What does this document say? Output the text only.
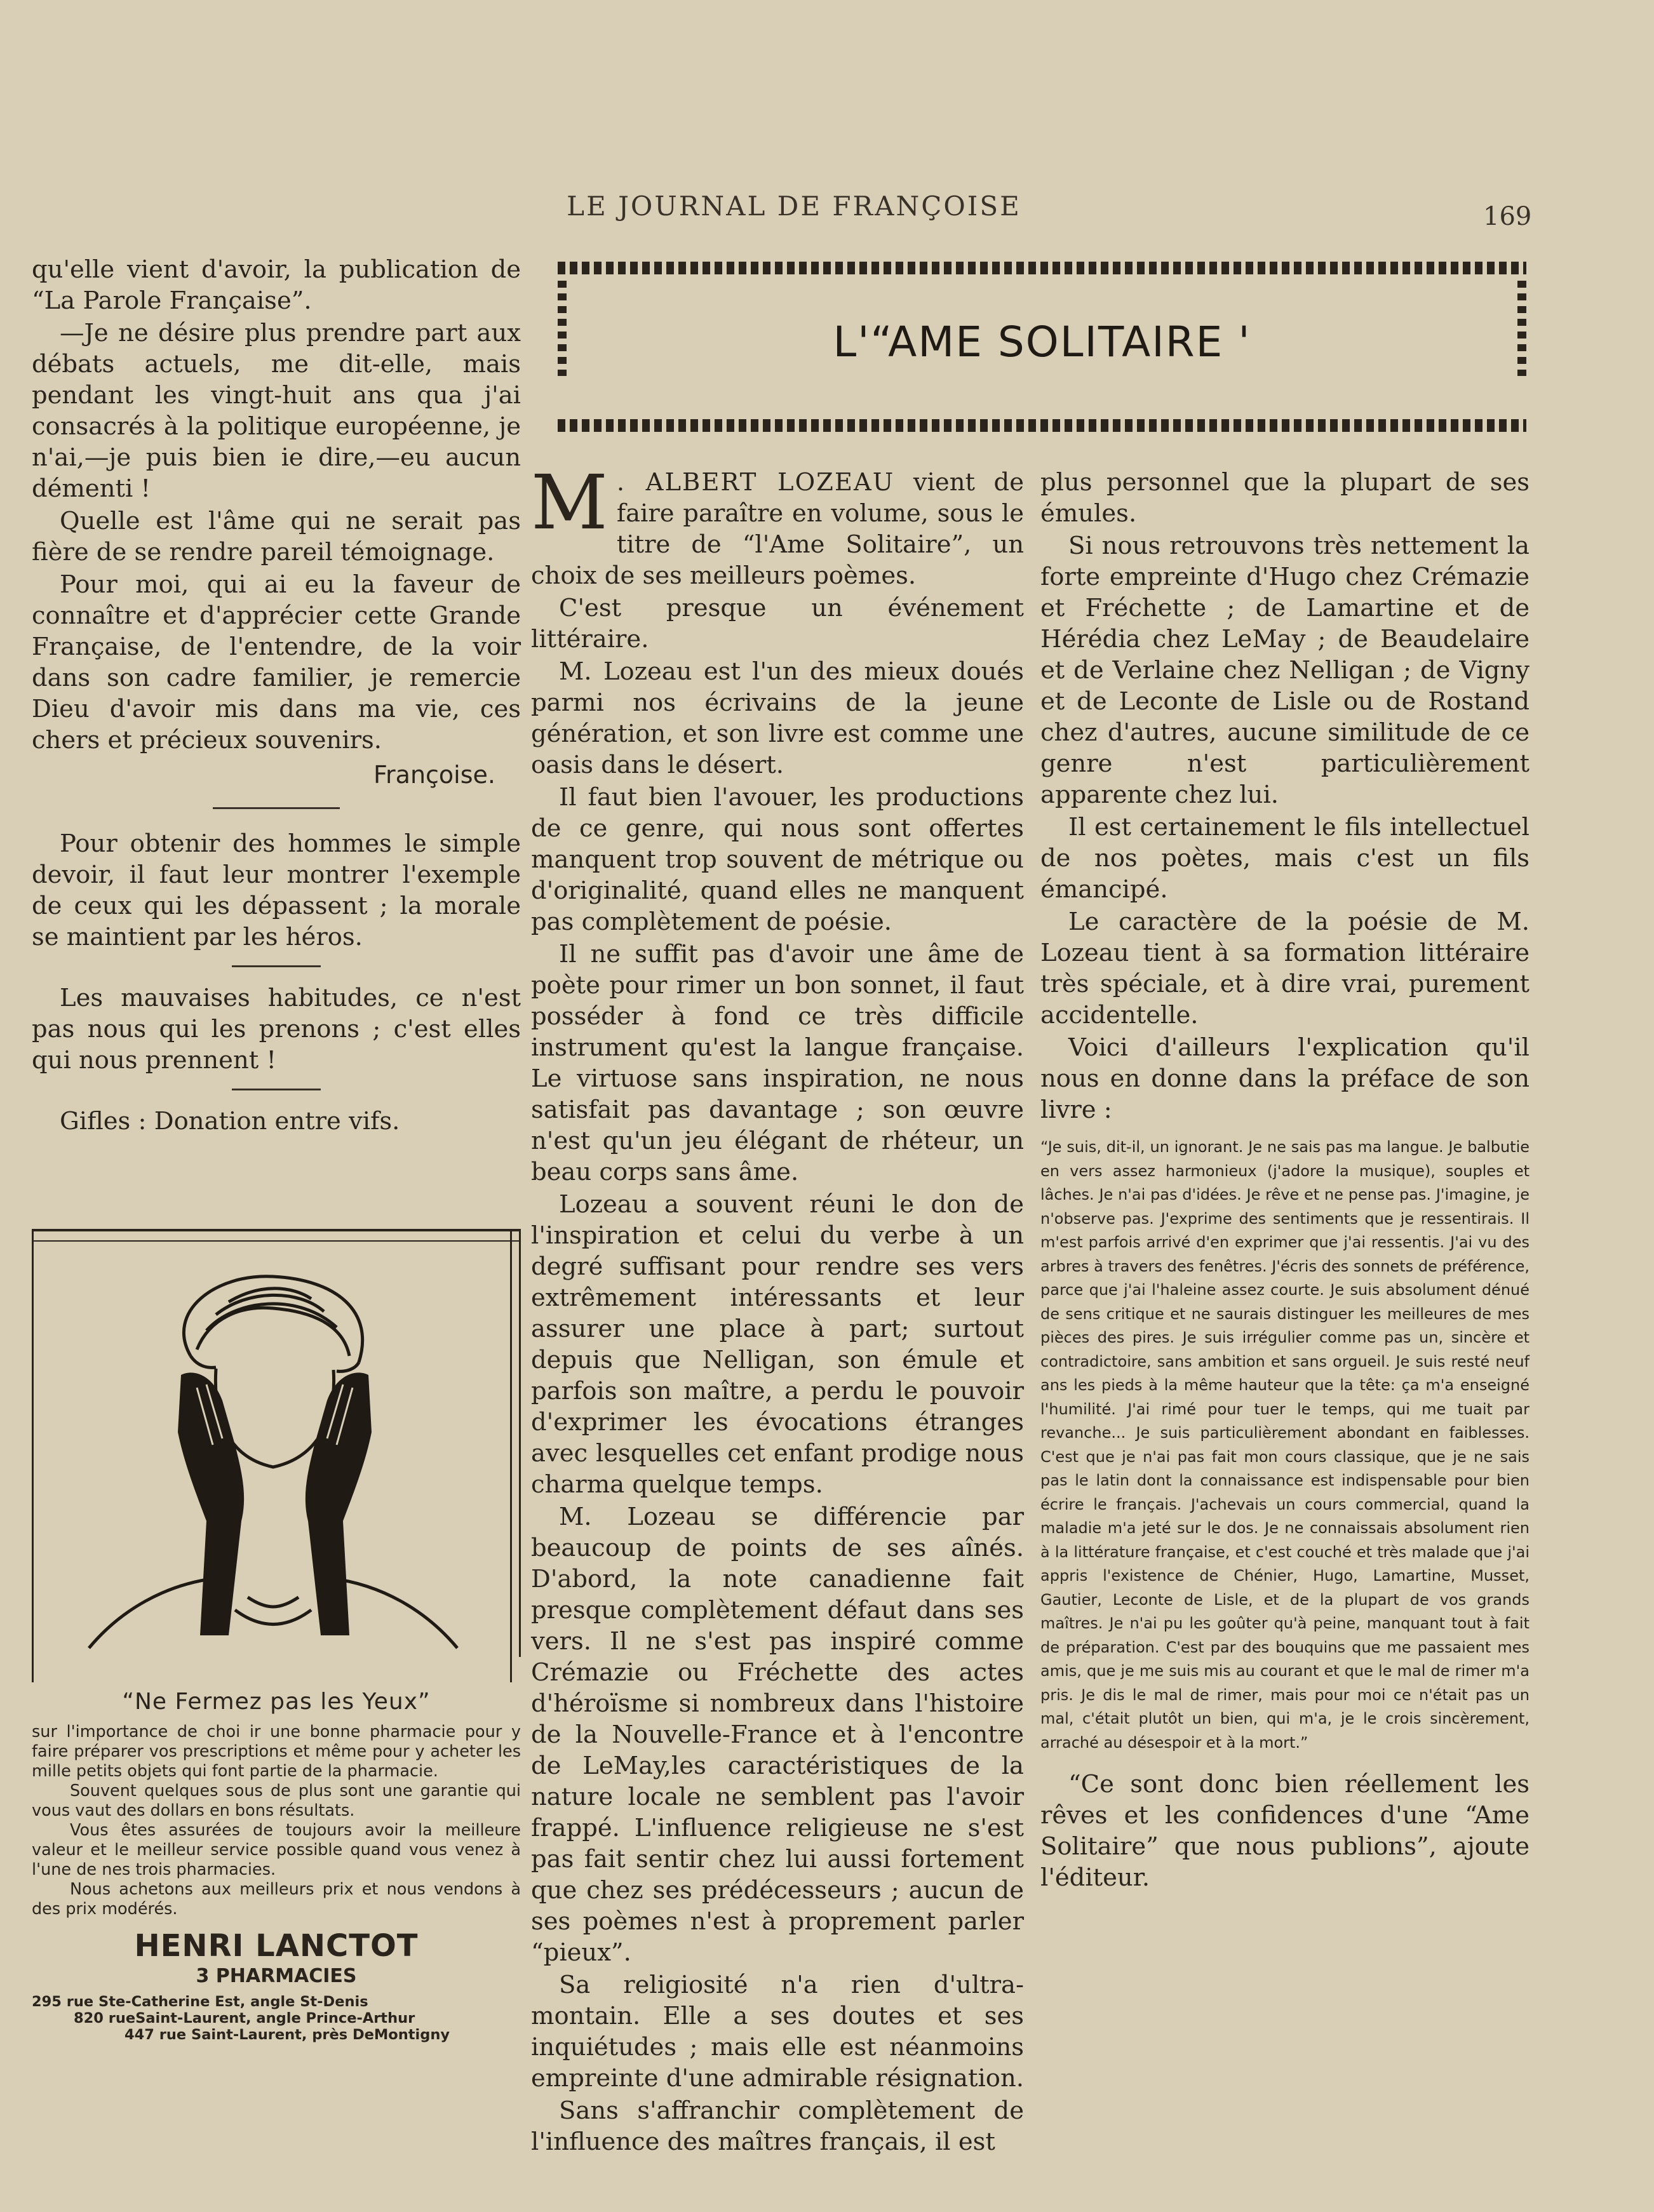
LE JOURNAL DE FRANÇOISE	169

qu'elle vient d'avoir, la publication de “La Parole Française”.

—Je ne désire plus prendre part aux débats actuels, me dit-elle, mais pendant les vingt-huit ans qua j'ai consacrés à la politique européenne, je n'ai,—je puis bien ie dire,—eu aucun démenti !

Quelle est l'âme qui ne serait pas fière de se rendre pareil témoignage.

Pour moi, qui ai eu la faveur de connaître et d'apprécier cette Grande Française, de l'entendre, de la voir dans son cadre familier, je remercie Dieu d'avoir mis dans ma vie, ces chers et précieux souvenirs.

Françoise.

Pour obtenir des hommes le simple devoir, il faut leur montrer l'exemple de ceux qui les dépassent ; la morale se maintient par les héros.

Les mauvaises habitudes, ce n'est pas nous qui les prenons ; c'est elles qui nous prennent !

Gifles : Donation entre vifs.

“Ne Fermez pas les Yeux”

sur l'importance de choi ir une bonne pharmacie pour y faire préparer vos prescriptions et même pour y acheter les mille petits objets qui font partie de la pharmacie.

Souvent quelques sous de plus sont une garantie qui vous vaut des dollars en bons résultats.

Vous êtes assurées de toujours avoir la meilleure valeur et le meilleur service possible quand vous venez à l'une de nes trois pharmacies.

Nous achetons aux meilleurs prix et nous vendons à des prix modérés.

HENRI LANCTOT
3 PHARMACIES
295 rue Ste-Catherine Est, angle St-Denis
820 rueSaint-Laurent, angle Prince-Arthur
447 rue Saint-Laurent, près DeMontigny
L'“AME SOLITAIRE '

M . ALBERT LOZEAU vient de faire paraître en volume, sous le titre de “l'Ame Solitaire”, un choix de ses meilleurs poèmes.

C'est presque un événement littéraire.

M. Lozeau est l'un des mieux doués parmi nos écrivains de la jeune génération, et son livre est comme une oasis dans le désert.

Il faut bien l'avouer, les productions de ce genre, qui nous sont offertes manquent trop souvent de métrique ou d'originalité, quand elles ne manquent pas complètement de poésie.

Il ne suffit pas d'avoir une âme de poète pour rimer un bon sonnet, il faut posséder à fond ce très difficile instrument qu'est la langue française. Le virtuose sans inspiration, ne nous satisfait pas davantage ; son œuvre n'est qu'un jeu élégant de rhéteur, un beau corps sans âme.

Lozeau a souvent réuni le don de l'inspiration et celui du verbe à un degré suffisant pour rendre ses vers extrêmement intéressants et leur assurer une place à part; surtout depuis que Nelligan, son émule et parfois son maître, a perdu le pouvoir d'exprimer les évocations étranges avec lesquelles cet enfant prodige nous charma quelque temps.

M. Lozeau se différencie par beaucoup de points de ses aînés. D'abord, la note canadienne fait presque complètement défaut dans ses vers. Il ne s'est pas inspiré comme Crémazie ou Fréchette des actes d'héroïsme si nombreux dans l'histoire de la Nouvelle-France et à l'encontre de LeMay,les caractéristiques de la nature locale ne semblent pas l'avoir frappé. L'influence religieuse ne s'est pas fait sentir chez lui aussi fortement que chez ses prédécesseurs ; aucun de ses poèmes n'est à proprement parler “pieux”.

Sa religiosité n'a rien d'ultra-montain. Elle a ses doutes et ses inquiétudes ; mais elle est néanmoins empreinte d'une admirable résignation.

Sans s'affranchir complètement de l'influence des maîtres français, il est

plus personnel que la plupart de ses émules.

Si nous retrouvons très nettement la forte empreinte d'Hugo chez Crémazie et Fréchette ; de Lamartine et de Hérédia chez LeMay ; de Beaudelaire et de Verlaine chez Nelligan ; de Vigny et de Leconte de Lisle ou de Rostand chez d'autres, aucune similitude de ce genre n'est particulièrement apparente chez lui.

Il est certainement le fils intellectuel de nos poètes, mais c'est un fils émancipé.

Le caractère de la poésie de M. Lozeau tient à sa formation littéraire très spéciale, et à dire vrai, purement accidentelle.

Voici d'ailleurs l'explication qu'il nous en donne dans la préface de son livre :

“Je suis, dit-il, un ignorant. Je ne sais pas ma langue. Je balbutie en vers assez harmonieux (j'adore la musique), souples et lâches. Je n'ai pas d'idées. Je rêve et ne pense pas. J'imagine, je n'observe pas. J'exprime des sentiments que je ressentirais. Il m'est parfois arrivé d'en exprimer que j'ai ressentis. J'ai vu des arbres à travers des fenêtres. J'écris des sonnets de préférence, parce que j'ai l'haleine assez courte. Je suis absolument dénué de sens critique et ne saurais distinguer les meilleures de mes pièces des pires. Je suis irrégulier comme pas un, sincère et contradictoire, sans ambition et sans orgueil. Je suis resté neuf ans les pieds à la même hauteur que la tête: ça m'a enseigné l'humilité. J'ai rimé pour tuer le temps, qui me tuait par revanche... Je suis particulièrement abondant en faiblesses. C'est que je n'ai pas fait mon cours classique, que je ne sais pas le latin dont la connaissance est indispensable pour bien écrire le français. J'achevais un cours commercial, quand la maladie m'a jeté sur le dos. Je ne connaissais absolument rien à la littérature française, et c'est couché et très malade que j'ai appris l'existence de Chénier, Hugo, Lamartine, Musset, Gautier, Leconte de Lisle, et de la plupart de vos grands maîtres. Je n'ai pu les goûter qu'à peine, manquant tout à fait de préparation. C'est par des bouquins que me passaient mes amis, que je me suis mis au courant et que le mal de rimer m'a pris. Je dis le mal de rimer, mais pour moi ce n'était pas un mal, c'était plutôt un bien, qui m'a, je le crois sincèrement, arraché au désespoir et à la mort.”

“Ce sont donc bien réellement les rêves et les confidences d'une “Ame Solitaire” que nous publions”, ajoute l'éditeur.
